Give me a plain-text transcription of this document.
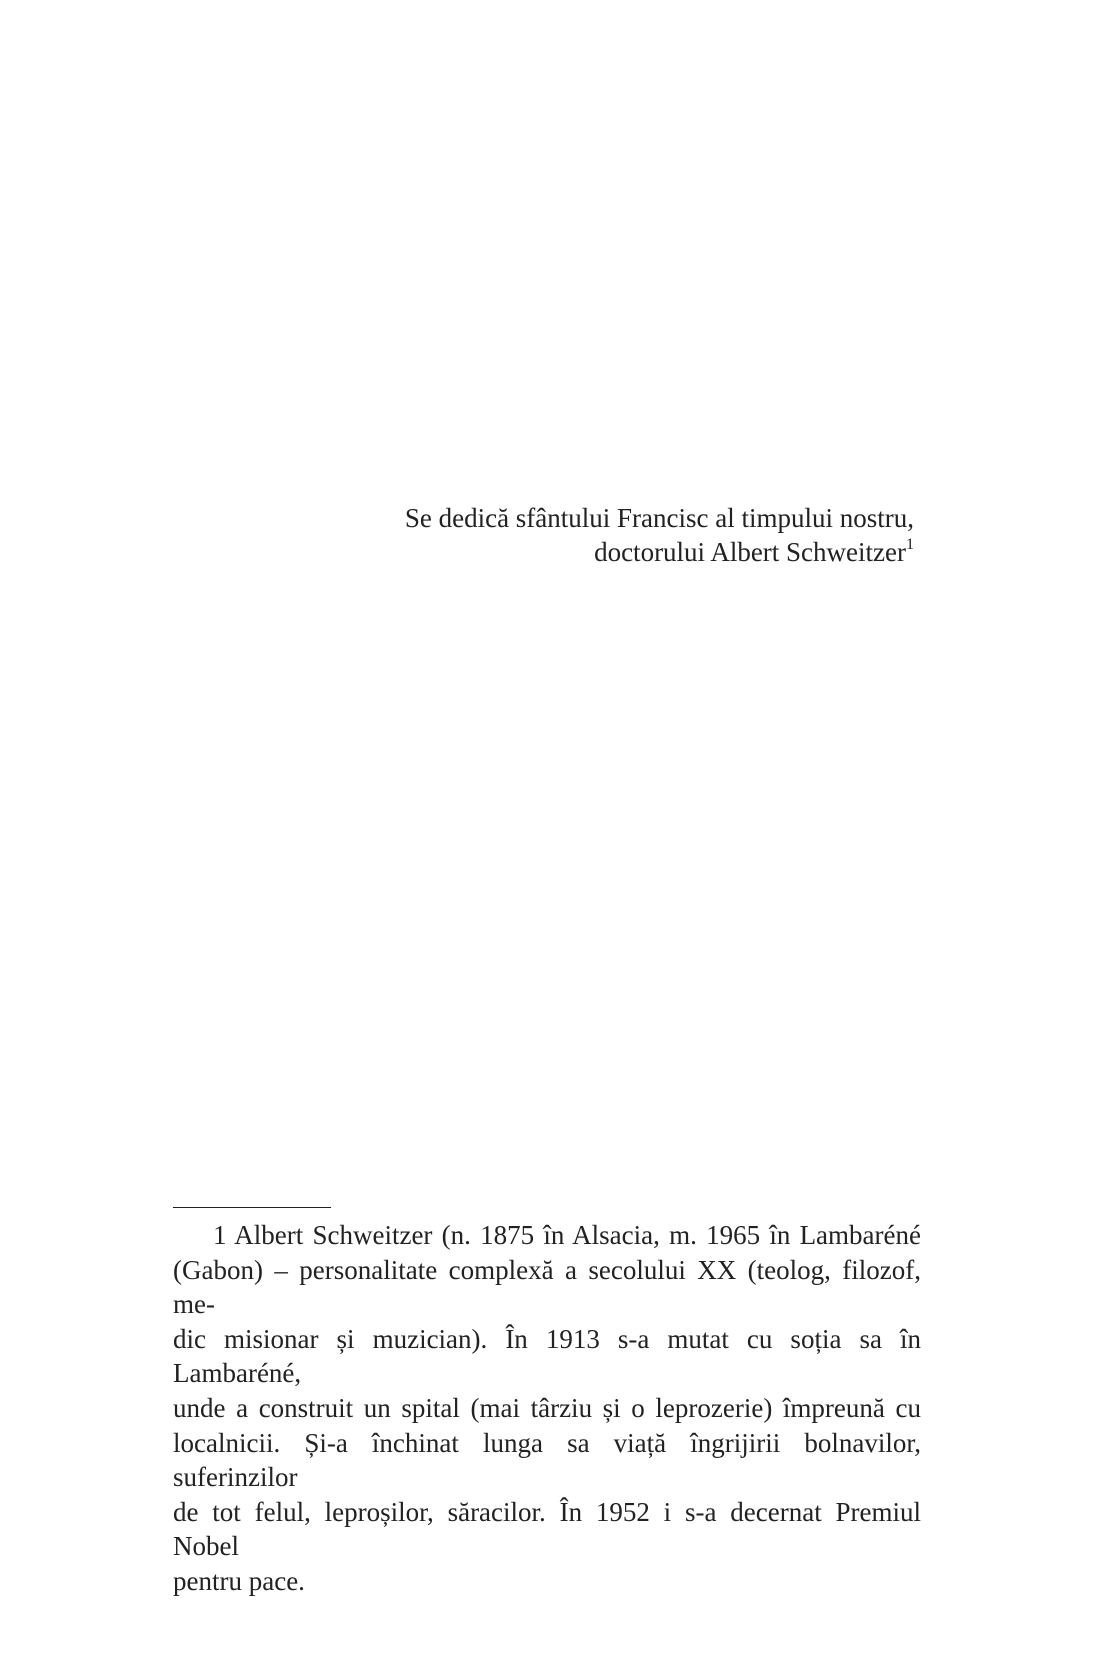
Se dedică sfântului Francisc al timpului nostru,
doctorului Albert Schweitzer$^1$
1 Albert Schweitzer (n. 1875 în Alsacia, m. 1965 în Lambaréné
(Gabon) – personalitate complexă a secolului XX (teolog, filozof, me-
dic misionar și muzician). În 1913 s-a mutat cu soția sa în Lambaréné,
unde a construit un spital (mai târziu și o leprozerie) împreună cu
localnicii. Și-a închinat lunga sa viață îngrijirii bolnavilor, suferinzilor
de tot felul, leproșilor, săracilor. În 1952 i s-a decernat Premiul Nobel
pentru pace.
